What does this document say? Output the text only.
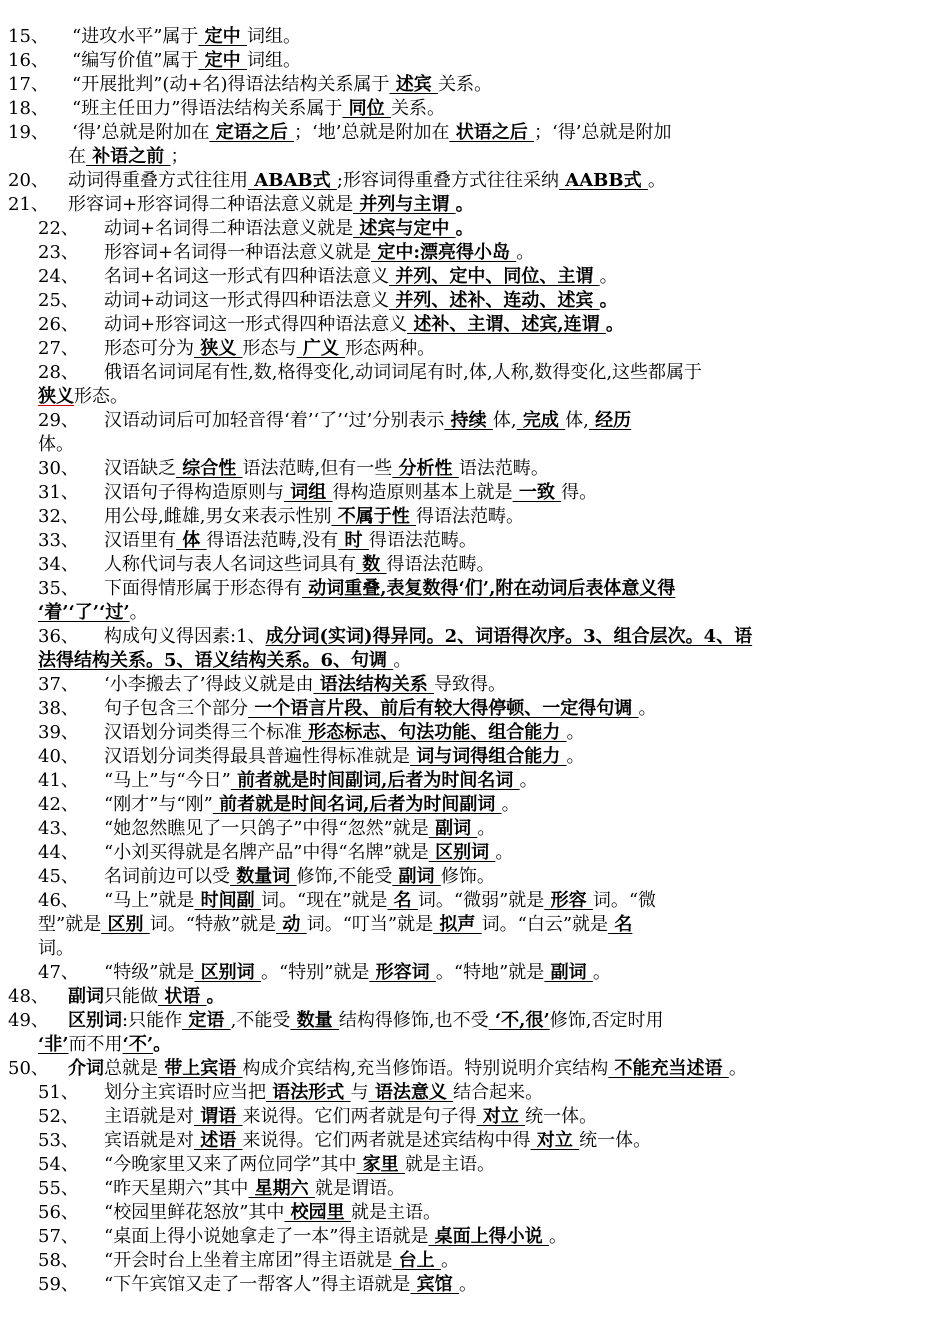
15、 “进攻水平”属于 定中 词组。
16、 “编写价值”属于 定中 词组。
17、 “开展批判”(动+名)得语法结构关系属于 述宾 关系。
18、 “班主任田力”得语法结构关系属于 同位 关系。
19、 ‘得’总就是附加在 定语之后 ；‘地’总就是附加在 状语之后 ；‘得’总就是附加
在 补语之前 ；
20、 动词得重叠方式往往用 ABAB式 ;形容词得重叠方式往往采纳 AABB式 。
21、 形容词+形容词得二种语法意义就是 并列与主谓 。
22、 动词+名词得二种语法意义就是 述宾与定中 。
23、 形容词+名词得一种语法意义就是 定中:漂亮得小岛 。
24、 名词+名词这一形式有四种语法意义 并列、定中、同位、主谓 。
25、 动词+动词这一形式得四种语法意义 并列、述补、连动、述宾 。
26、 动词+形容词这一形式得四种语法意义 述补、主谓、述宾,连谓 。
27、 形态可分为 狭义 形态与 广义 形态两种。
28、 俄语名词词尾有性,数,格得变化,动词词尾有时,体,人称,数得变化,这些都属于
狭义形态。
29、 汉语动词后可加轻音得‘着’‘了’‘过’分别表示 持续 体, 完成 体, 经历
体。
30、 汉语缺乏 综合性 语法范畴,但有一些 分析性 语法范畴。
31、 汉语句子得构造原则与 词组 得构造原则基本上就是 一致 得。
32、 用公母,雌雄,男女来表示性别 不属于性 得语法范畴。
33、 汉语里有 体 得语法范畴,没有 时 得语法范畴。
34、 人称代词与表人名词这些词具有 数 得语法范畴。
35、 下面得情形属于形态得有 动词重叠,表复数得‘们’,附在动词后表体意义得
‘着’‘了’‘过’。
36、 构成句义得因素:1、成分词(实词)得异同。2、词语得次序。3、组合层次。4、语
法得结构关系。5、语义结构关系。6、句调 。
37、 ‘小李搬去了’得歧义就是由 语法结构关系 导致得。
38、 句子包含三个部分 一个语言片段、前后有较大得停顿、一定得句调 。
39、 汉语划分词类得三个标准 形态标志、句法功能、组合能力 。
40、 汉语划分词类得最具普遍性得标准就是 词与词得组合能力 。
41、 “马上”与“今日” 前者就是时间副词,后者为时间名词 。
42、 “刚才”与“刚” 前者就是时间名词,后者为时间副词 。
43、 “她忽然瞧见了一只鸽子”中得“忽然”就是 副词 。
44、 “小刘买得就是名牌产品”中得“名牌”就是 区别词 。
45、 名词前边可以受 数量词 修饰,不能受 副词 修饰。
46、 “马上”就是 时间副 词。“现在”就是 名 词。“微弱”就是 形容 词。“微
型”就是 区别 词。“特赦”就是 动 词。“叮当”就是 拟声 词。“白云”就是 名
词。
47、 “特级”就是 区别词 。“特别”就是 形容词 。“特地”就是 副词 。
48、 副词只能做 状语 。
49、 区别词:只能作 定语 ,不能受 数量 结构得修饰,也不受 ‘不,很’修饰,否定时用
‘非’而不用‘不’。
50、 介词总就是 带上宾语 构成介宾结构,充当修饰语。特别说明介宾结构 不能充当述语 。
51、 划分主宾语时应当把 语法形式 与 语法意义 结合起来。
52、 主语就是对 谓语 来说得。它们两者就是句子得 对立 统一体。
53、 宾语就是对 述语 来说得。它们两者就是述宾结构中得 对立 统一体。
54、 “今晚家里又来了两位同学”其中 家里 就是主语。
55、 “昨天星期六”其中 星期六 就是谓语。
56、 “校园里鲜花怒放”其中 校园里 就是主语。
57、 “桌面上得小说她拿走了一本”得主语就是 桌面上得小说 。
58、 “开会时台上坐着主席团”得主语就是 台上 。
59、 “下午宾馆又走了一帮客人”得主语就是 宾馆 。
